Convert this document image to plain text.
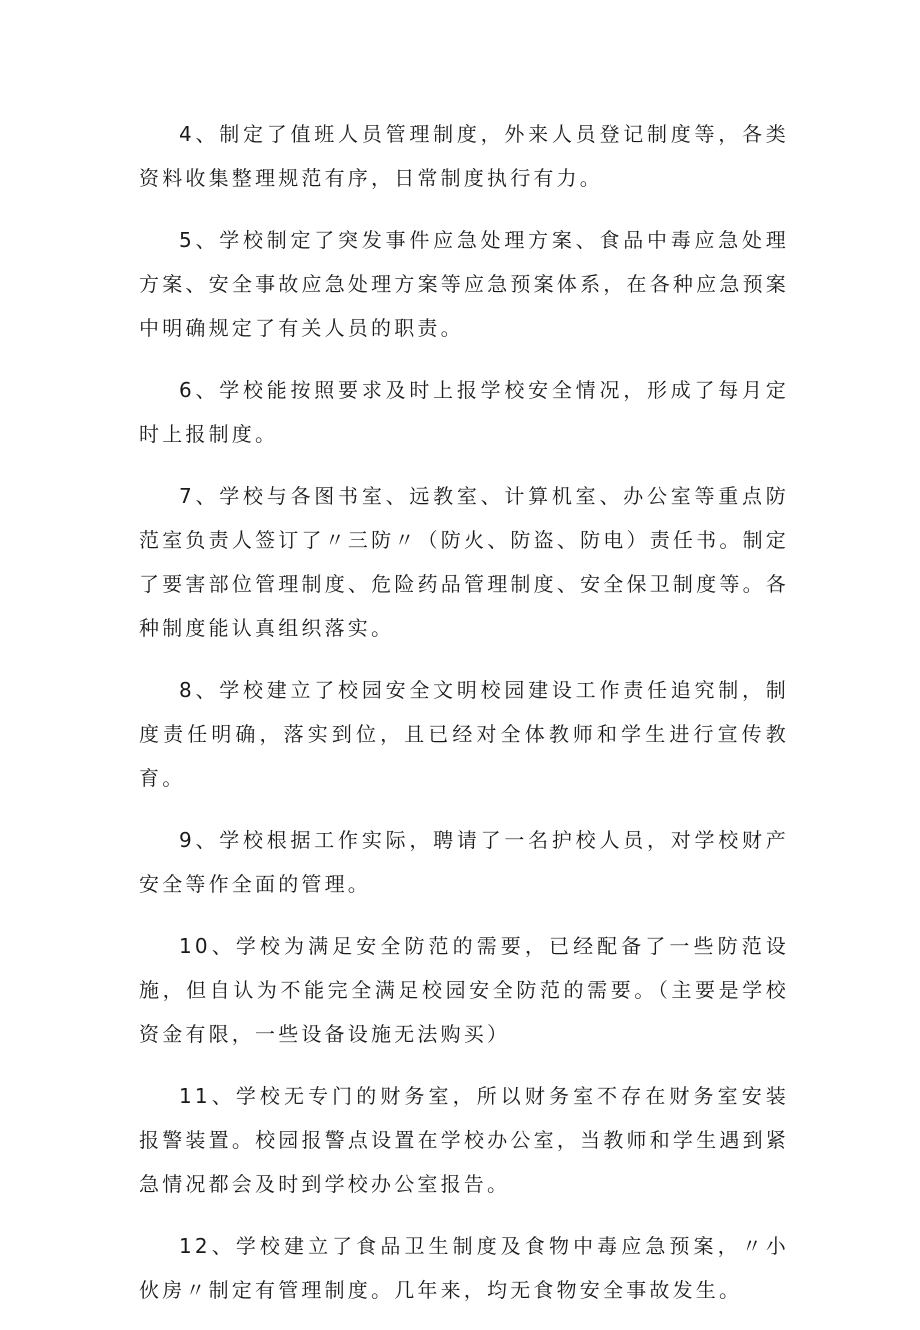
4、制定了值班人员管理制度，外来人员登记制度等，各类资料收集整理规范有序，日常制度执行有力。

5、学校制定了突发事件应急处理方案、食品中毒应急处理方案、安全事故应急处理方案等应急预案体系，在各种应急预案中明确规定了有关人员的职责。

6、学校能按照要求及时上报学校安全情况，形成了每月定时上报制度。

7、学校与各图书室、远教室、计算机室、办公室等重点防范室负责人签订了〃三防〃（防火、防盗、防电）责任书。制定了要害部位管理制度、危险药品管理制度、安全保卫制度等。各种制度能认真组织落实。

8、学校建立了校园安全文明校园建设工作责任追究制，制度责任明确，落实到位，且已经对全体教师和学生进行宣传教育。

9、学校根据工作实际，聘请了一名护校人员，对学校财产安全等作全面的管理。

10、学校为满足安全防范的需要，已经配备了一些防范设施，但自认为不能完全满足校园安全防范的需要。（主要是学校资金有限，一些设备设施无法购买）

11、学校无专门的财务室，所以财务室不存在财务室安装报警装置。校园报警点设置在学校办公室，当教师和学生遇到紧急情况都会及时到学校办公室报告。

12、学校建立了食品卫生制度及食物中毒应急预案，〃小伙房〃制定有管理制度。几年来，均无食物安全事故发生。
